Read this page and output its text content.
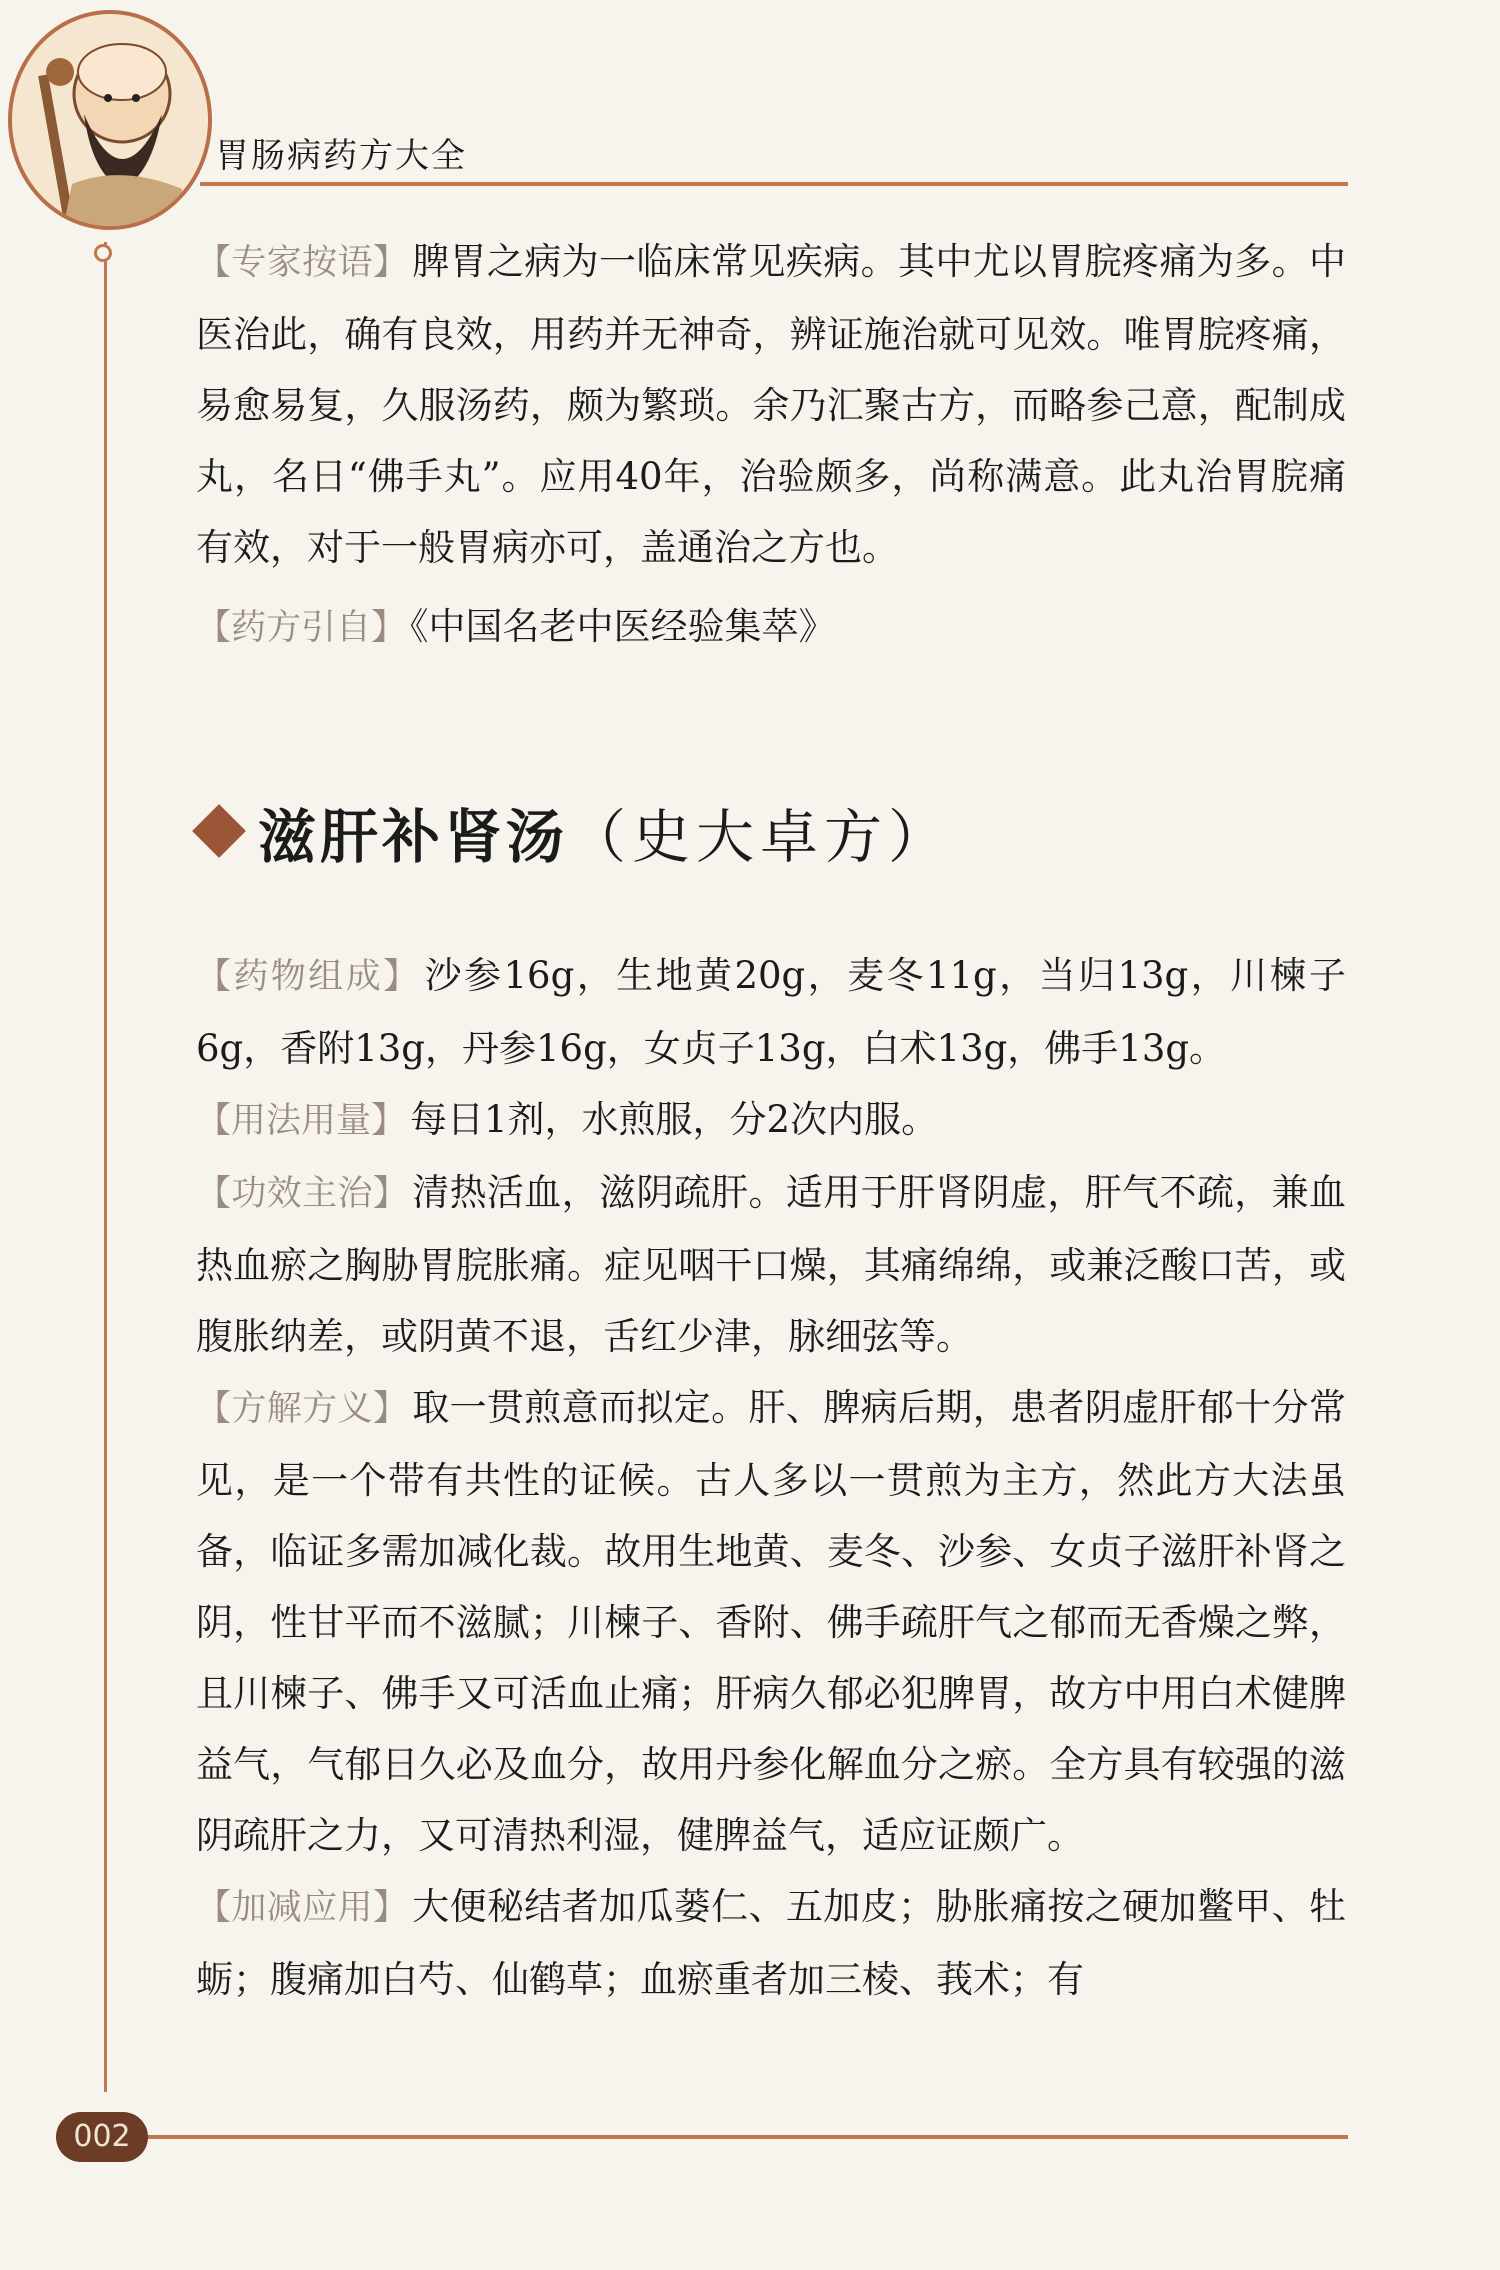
胃肠病药方大全

【专家按语】 脾胃之病为一临床常见疾病。其中尤以胃脘疼痛为多。中医治此，确有良效，用药并无神奇，辨证施治就可见效。唯胃脘疼痛，易愈易复，久服汤药，颇为繁琐。余乃汇聚古方，而略参己意，配制成丸，名日“佛手丸”。应用40年，治验颇多，尚称满意。此丸治胃脘痛有效，对于一般胃病亦可，盖通治之方也。

【药方引自】 《中国名老中医经验集萃》

滋肝补肾汤（史大卓方）

【药物组成】 沙参16g，生地黄20g，麦冬11g，当归13g，川楝子6g，香附13g，丹参16g，女贞子13g，白术13g，佛手13g。

【用法用量】 每日1剂，水煎服，分2次内服。

【功效主治】 清热活血，滋阴疏肝。适用于肝肾阴虚，肝气不疏，兼血热血瘀之胸胁胃脘胀痛。症见咽干口燥，其痛绵绵，或兼泛酸口苦，或腹胀纳差，或阴黄不退，舌红少津，脉细弦等。

【方解方义】 取一贯煎意而拟定。肝、脾病后期，患者阴虚肝郁十分常见，是一个带有共性的证候。古人多以一贯煎为主方，然此方大法虽备，临证多需加减化裁。故用生地黄、麦冬、沙参、女贞子滋肝补肾之阴，性甘平而不滋腻；川楝子、香附、佛手疏肝气之郁而无香燥之弊，且川楝子、佛手又可活血止痛；肝病久郁必犯脾胃，故方中用白术健脾益气，气郁日久必及血分，故用丹参化解血分之瘀。全方具有较强的滋阴疏肝之力，又可清热利湿，健脾益气，适应证颇广。

【加减应用】 大便秘结者加瓜蒌仁、五加皮；胁胀痛按之硬加鳖甲、牡蛎；腹痛加白芍、仙鹤草；血瘀重者加三棱、莪术；有

002
